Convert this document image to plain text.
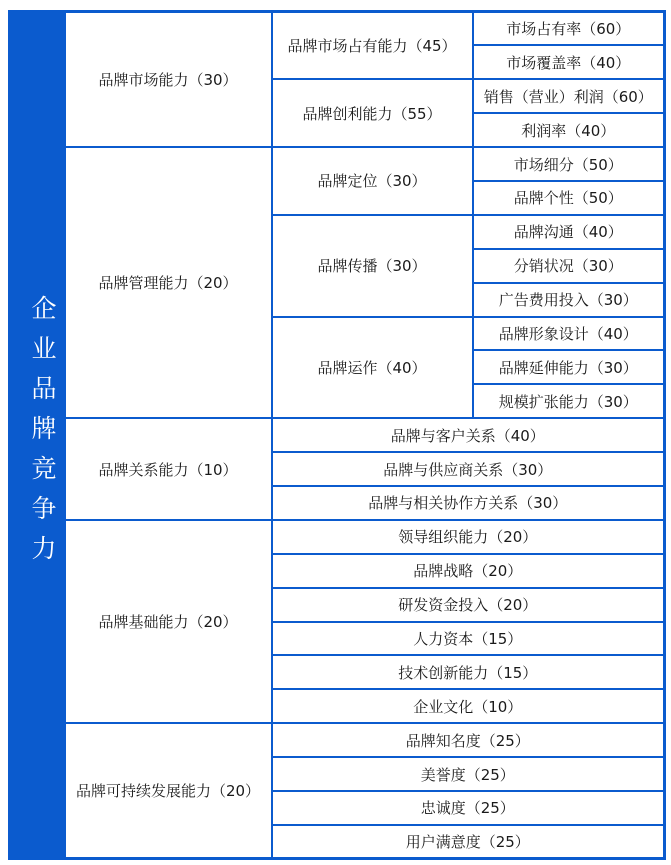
企业品牌竞争力	品牌市场能力（30）	品牌市场占有能力（45）	市场占有率（60）
			市场覆盖率（40）
		品牌创利能力（55）	销售（营业）利润（60）
			利润率（40）
	品牌管理能力（20）	品牌定位（30）	市场细分（50）
			品牌个性（50）
		品牌传播（30）	品牌沟通（40）
			分销状况（30）
			广告费用投入（30）
		品牌运作（40）	品牌形象设计（40）
			品牌延伸能力（30）
			规模扩张能力（30）
	品牌关系能力（10）	品牌与客户关系（40）	
		品牌与供应商关系（30）	
		品牌与相关协作方关系（30）	
	品牌基础能力（20）	领导组织能力（20）	
		品牌战略（20）	
		研发资金投入（20）	
		人力资本（15）	
		技术创新能力（15）	
		企业文化（10）	
	品牌可持续发展能力（20）	品牌知名度（25）	
		美誉度（25）	
		忠诚度（25）	
		用户满意度（25）	
